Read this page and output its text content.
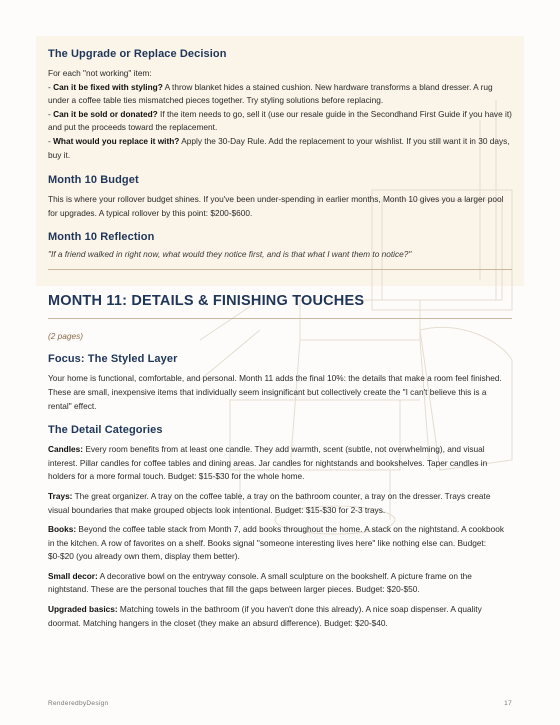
The Upgrade or Replace Decision
For each "not working" item:
- Can it be fixed with styling? A throw blanket hides a stained cushion. New hardware transforms a bland dresser. A rug under a coffee table ties mismatched pieces together. Try styling solutions before replacing.
- Can it be sold or donated? If the item needs to go, sell it (use our resale guide in the Secondhand First Guide if you have it) and put the proceeds toward the replacement.
- What would you replace it with? Apply the 30-Day Rule. Add the replacement to your wishlist. If you still want it in 30 days, buy it.
Month 10 Budget
This is where your rollover budget shines. If you've been under-spending in earlier months, Month 10 gives you a larger pool for upgrades. A typical rollover by this point: $200-$600.
Month 10 Reflection
"If a friend walked in right now, what would they notice first, and is that what I want them to notice?"
MONTH 11: DETAILS & FINISHING TOUCHES
(2 pages)
Focus: The Styled Layer
Your home is functional, comfortable, and personal. Month 11 adds the final 10%: the details that make a room feel finished. These are small, inexpensive items that individually seem insignificant but collectively create the "I can't believe this is a rental" effect.
The Detail Categories
Candles: Every room benefits from at least one candle. They add warmth, scent (subtle, not overwhelming), and visual interest. Pillar candles for coffee tables and dining areas. Jar candles for nightstands and bookshelves. Taper candles in holders for a more formal touch. Budget: $15-$30 for the whole home.
Trays: The great organizer. A tray on the coffee table, a tray on the bathroom counter, a tray on the dresser. Trays create visual boundaries that make grouped objects look intentional. Budget: $15-$30 for 2-3 trays.
Books: Beyond the coffee table stack from Month 7, add books throughout the home. A stack on the nightstand. A cookbook in the kitchen. A row of favorites on a shelf. Books signal "someone interesting lives here" like nothing else can. Budget: $0-$20 (you already own them, display them better).
Small decor: A decorative bowl on the entryway console. A small sculpture on the bookshelf. A picture frame on the nightstand. These are the personal touches that fill the gaps between larger pieces. Budget: $20-$50.
Upgraded basics: Matching towels in the bathroom (if you haven't done this already). A nice soap dispenser. A quality doormat. Matching hangers in the closet (they make an absurd difference). Budget: $20-$40.
RenderedbyDesign	17
